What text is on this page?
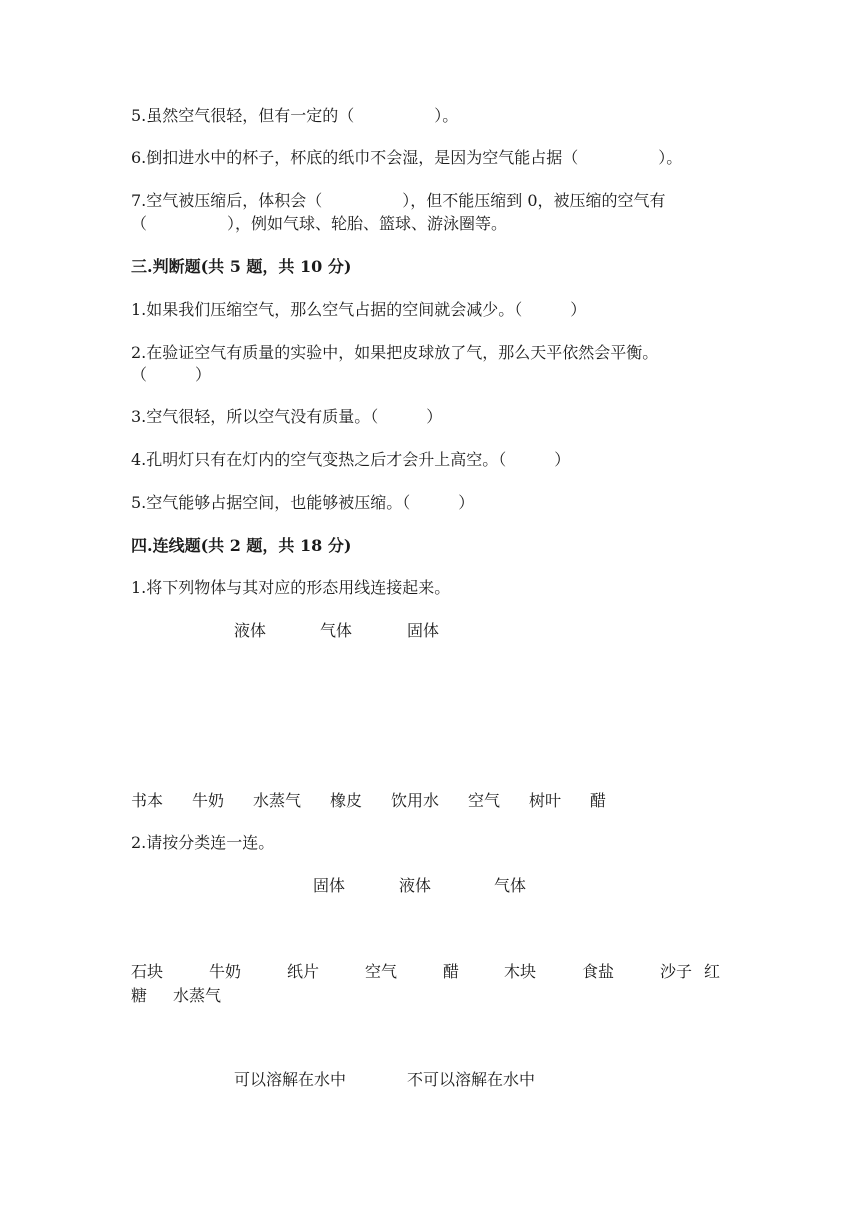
5.虽然空气很轻，但有一定的（　　　　　）。
6.倒扣进水中的杯子，杯底的纸巾不会湿，是因为空气能占据（　　　　　）。
7.空气被压缩后，体积会（　　　　　），但不能压缩到 0，被压缩的空气有
（　　　　　），例如气球、轮胎、篮球、游泳圈等。
三.判断题(共 5 题，共 10 分)
1.如果我们压缩空气，那么空气占据的空间就会减少。（　　　）
2.在验证空气有质量的实验中，如果把皮球放了气，那么天平依然会平衡。
（　　　）
3.空气很轻，所以空气没有质量。（　　　）
4.孔明灯只有在灯内的空气变热之后才会升上高空。（　　　）
5.空气能够占据空间，也能够被压缩。（　　　）
四.连线题(共 2 题，共 18 分)
1.将下列物体与其对应的形态用线连接起来。
液体	气体	固体
书本 牛奶 水蒸气 橡皮 饮用水 空气 树叶 醋
2.请按分类连一连。
固体	液体	气体
石块	牛奶	纸片	空气	醋	木块	食盐	沙子 红
糖 水蒸气
可以溶解在水中	不可以溶解在水中
